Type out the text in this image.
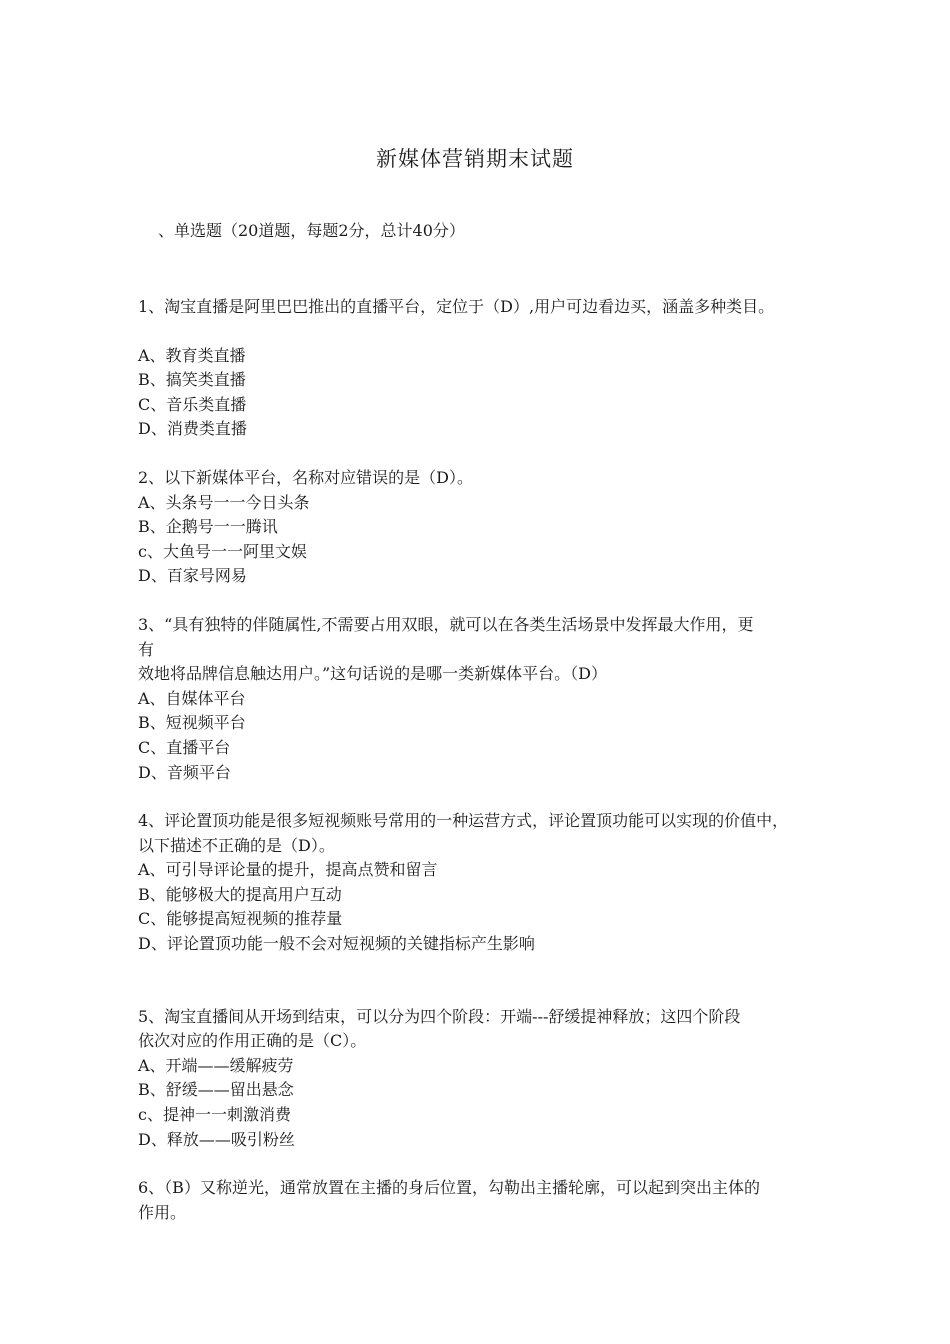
新媒体营销期末试题
、单选题（20道题，每题2分，总计40分）
1、淘宝直播是阿里巴巴推出的直播平台，定位于（D）,用户可边看边买，涵盖多种类目。
A、教育类直播
B、搞笑类直播
C、音乐类直播
D、消费类直播
2、以下新媒体平台，名称对应错误的是（D）。
A、头条号一一今日头条
B、企鹅号一一腾讯
c、大鱼号一一阿里文娱
D、百家号网易
3、“具有独特的伴随属性,不需要占用双眼，就可以在各类生活场景中发挥最大作用，更
有
效地将品牌信息触达用户。”这句话说的是哪一类新媒体平台。（D）
A、自媒体平台
B、短视频平台
C、直播平台
D、音频平台
4、评论置顶功能是很多短视频账号常用的一种运营方式，评论置顶功能可以实现的价值中，
以下描述不正确的是（D）。
A、可引导评论量的提升，提高点赞和留言
B、能够极大的提高用户互动
C、能够提高短视频的推荐量
D、评论置顶功能一般不会对短视频的关键指标产生影响
5、淘宝直播间从开场到结束，可以分为四个阶段：开端---舒缓提神释放；这四个阶段
依次对应的作用正确的是（C）。
A、开端——缓解疲劳
B、舒缓——留出悬念
c、提神一一刺激消费
D、释放——吸引粉丝
6、（B）又称逆光，通常放置在主播的身后位置，勾勒出主播轮廓，可以起到突出主体的
作用。
